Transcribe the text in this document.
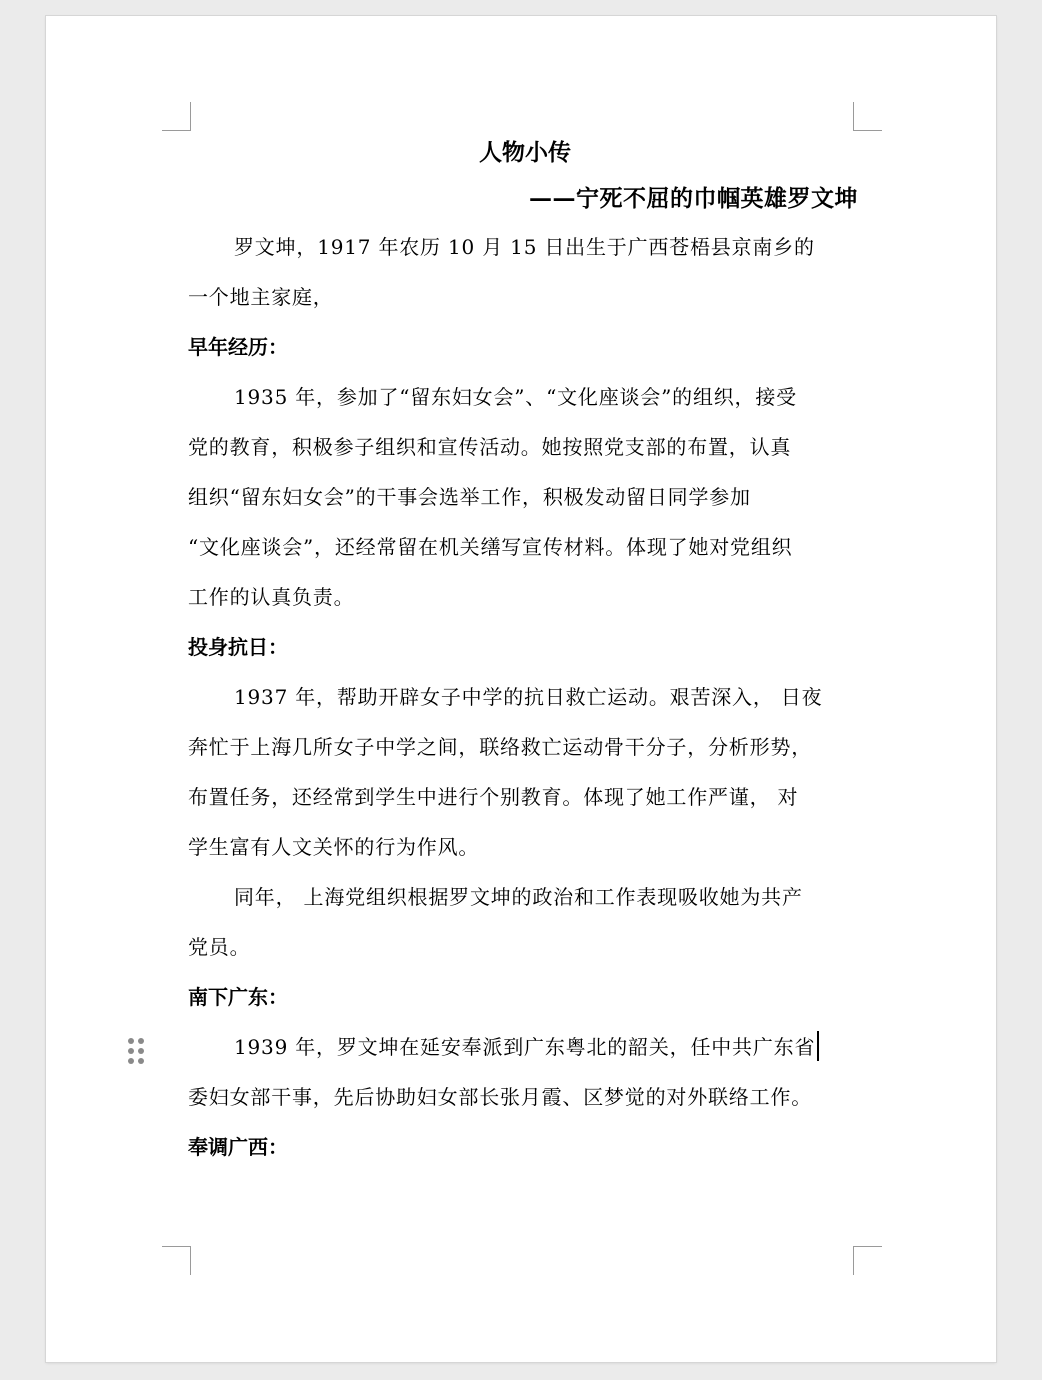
人物小传
——宁死不屈的巾帼英雄罗文坤
罗文坤，1917 年农历 10 月 15 日出生于广西苍梧县京南乡的
一个地主家庭，
早年经历：
1935 年，参加了“留东妇女会”、“文化座谈会”的组织，接受
党的教育，积极参子组织和宣传活动。她按照党支部的布置，认真
组织“留东妇女会”的干事会选举工作，积极发动留日同学参加
“文化座谈会”，还经常留在机关缮写宣传材料。体现了她对党组织
工作的认真负责。
投身抗日：
1937 年，帮助开辟女子中学的抗日救亡运动。艰苦深入， 日夜
奔忙于上海几所女子中学之间，联络救亡运动骨干分子，分析形势，
布置任务，还经常到学生中进行个别教育。体现了她工作严谨， 对
学生富有人文关怀的行为作风。
同年， 上海党组织根据罗文坤的政治和工作表现吸收她为共产
党员。
南下广东：
1939 年，罗文坤在延安奉派到广东粤北的韶关，任中共广东省
委妇女部干事，先后协助妇女部长张月霞、区梦觉的对外联络工作。
奉调广西：
